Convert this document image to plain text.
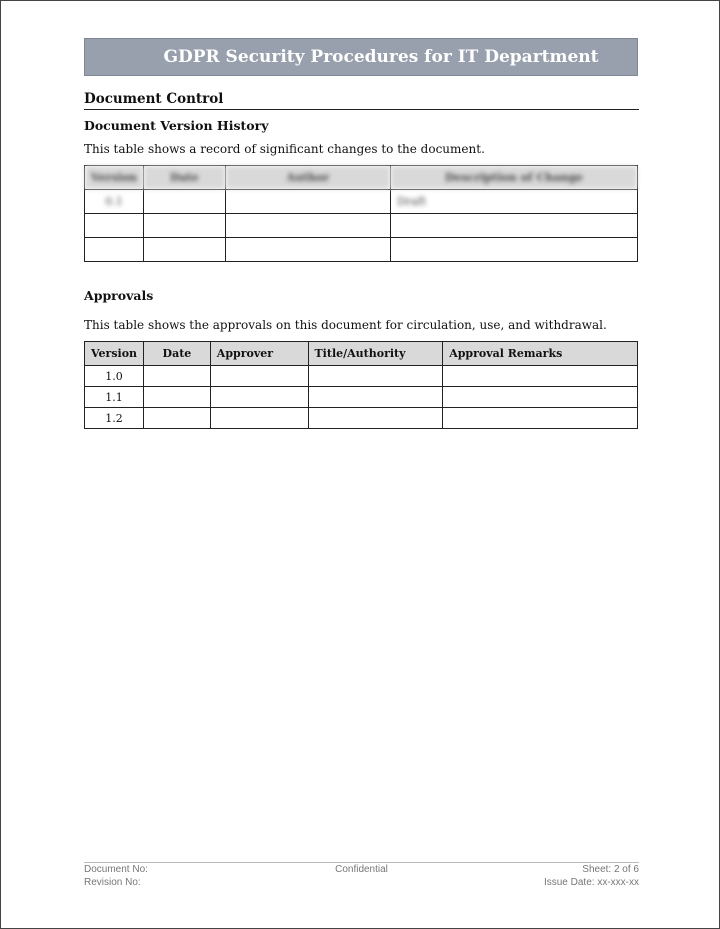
GDPR Security Procedures for IT Department
Document Control
Document Version History
This table shows a record of significant changes to the document.
Version	Date	Author	Description of Change
0.1			Draft

Approvals
This table shows the approvals on this document for circulation, use, and withdrawal.
Version	Date	Approver	Title/Authority	Approval Remarks
1.0				
1.1				
1.2				
Document No:	Confidential	Sheet: 2 of 6
Revision No:	Issue Date: xx-xxx-xx
